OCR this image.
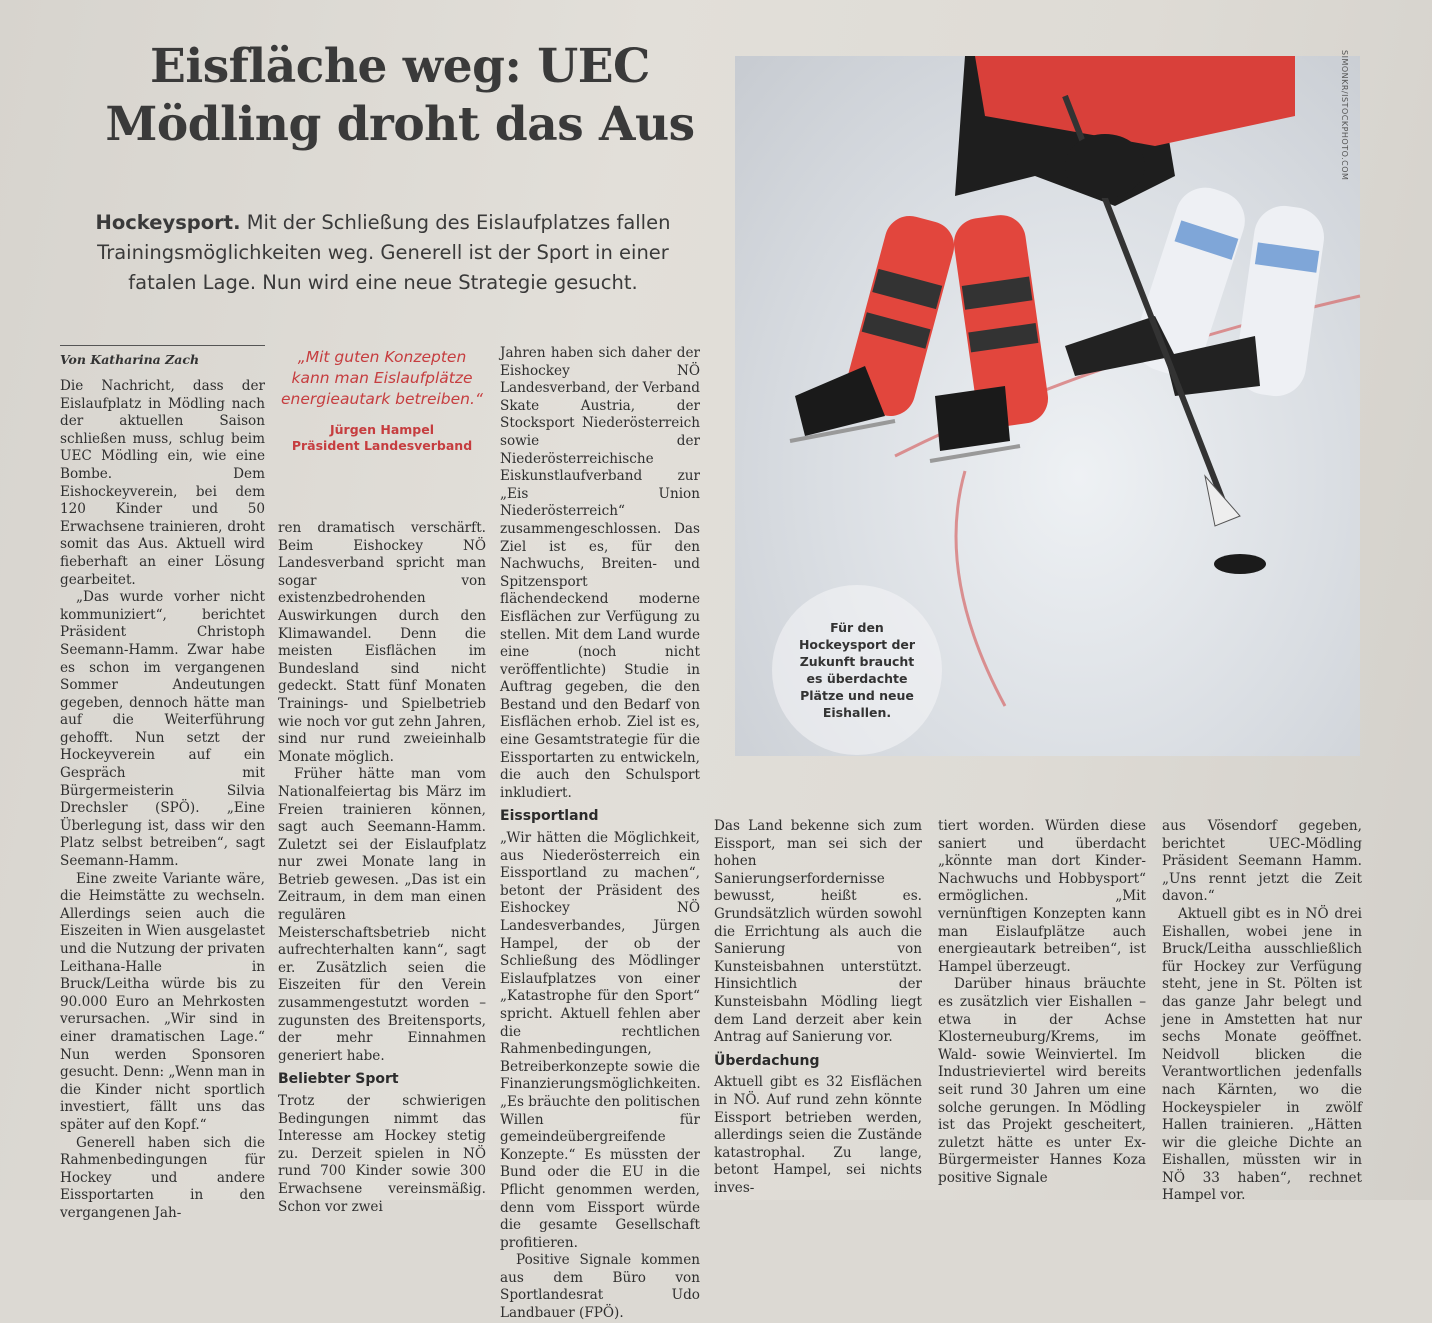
Eisfläche weg: UEC
Mödling droht das Aus
Hockeysport. Mit der Schließung des Eislaufplatzes fallen Trainingsmöglichkeiten weg. Generell ist der Sport in einer fatalen Lage. Nun wird eine neue Strategie gesucht.
SIMONKR/ISTOCKPHOTO.COM
Für den Hockeysport der Zukunft braucht es überdachte Plätze und neue Eishallen.
Von Katharina Zach	„Mit guten Konzepten kann man Eislaufplätze energieautark betreiben.“
Jürgen Hampel
Präsident Landesverband

Die Nachricht, dass der Eislaufplatz in Mödling nach der aktuellen Saison schließen muss, schlug beim UEC Mödling ein, wie eine Bombe. Dem Eishockeyverein, bei dem 120 Kinder und 50 Erwachsene trainieren, droht somit das Aus. Aktuell wird fieberhaft an einer Lösung gearbeitet.

„Das wurde vorher nicht kommuniziert“, berichtet Präsident Christoph Seemann-Hamm. Zwar habe es schon im vergangenen Sommer Andeutungen gegeben, dennoch hätte man auf die Weiterführung gehofft. Nun setzt der Hockeyverein auf ein Gespräch mit Bürgermeisterin Silvia Drechsler (SPÖ). „Eine Überlegung ist, dass wir den Platz selbst betreiben“, sagt Seemann-Hamm.

Eine zweite Variante wäre, die Heimstätte zu wechseln. Allerdings seien auch die Eiszeiten in Wien ausgelastet und die Nutzung der privaten Leithana-Halle in Bruck/Leitha würde bis zu 90.000 Euro an Mehrkosten verursachen. „Wir sind in einer dramatischen Lage.“ Nun werden Sponsoren gesucht. Denn: „Wenn man in die Kinder nicht sportlich investiert, fällt uns das später auf den Kopf.“

Generell haben sich die Rahmenbedingungen für Hockey und andere Eissportarten in den vergangenen Jah-

ren dramatisch verschärft. Beim Eishockey NÖ Landesverband spricht man sogar von existenzbedrohenden Auswirkungen durch den Klimawandel. Denn die meisten Eisflächen im Bundesland sind nicht gedeckt. Statt fünf Monaten Trainings- und Spielbetrieb wie noch vor gut zehn Jahren, sind nur rund zweieinhalb Monate möglich.

Früher hätte man vom Nationalfeiertag bis März im Freien trainieren können, sagt auch Seemann-Hamm. Zuletzt sei der Eislaufplatz nur zwei Monate lang in Betrieb gewesen. „Das ist ein Zeitraum, in dem man einen regulären Meisterschaftsbetrieb nicht aufrechterhalten kann“, sagt er. Zusätzlich seien die Eiszeiten für den Verein zusammengestutzt worden – zugunsten des Breitensports, der mehr Einnahmen generiert habe.

Beliebter Sport

Trotz der schwierigen Bedingungen nimmt das Interesse am Hockey stetig zu. Derzeit spielen in NÖ rund 700 Kinder sowie 300 Erwachsene vereinsmäßig. Schon vor zwei

Jahren haben sich daher der Eishockey NÖ Landesverband, der Verband Skate Austria, der Stocksport Niederösterreich sowie der Niederösterreichische Eiskunstlaufverband zur „Eis Union Niederösterreich“ zusammengeschlossen. Das Ziel ist es, für den Nachwuchs, Breiten- und Spitzensport flächendeckend moderne Eisflächen zur Verfügung zu stellen. Mit dem Land wurde eine (noch nicht veröffentlichte) Studie in Auftrag gegeben, die den Bestand und den Bedarf von Eisflächen erhob. Ziel ist es, eine Gesamtstrategie für die Eissportarten zu entwickeln, die auch den Schulsport inkludiert.

Eissportland

„Wir hätten die Möglichkeit, aus Niederösterreich ein Eissportland zu machen“, betont der Präsident des Eishockey NÖ Landesverbandes, Jürgen Hampel, der ob der Schließung des Mödlinger Eislaufplatzes von einer „Katastrophe für den Sport“ spricht. Aktuell fehlen aber die rechtlichen Rahmenbedingungen, Betreiberkonzepte sowie die Finanzierungsmöglichkeiten. „Es bräuchte den politischen Willen für gemeindeübergreifende Konzepte.“ Es müssten der Bund oder die EU in die Pflicht genommen werden, denn vom Eissport würde die gesamte Gesellschaft profitieren.

Positive Signale kommen aus dem Büro von Sportlandesrat Udo Landbauer (FPÖ).

Das Land bekenne sich zum Eissport, man sei sich der hohen Sanierungserfordernisse bewusst, heißt es. Grundsätzlich würden sowohl die Errichtung als auch die Sanierung von Kunsteisbahnen unterstützt. Hinsichtlich der Kunsteisbahn Mödling liegt dem Land derzeit aber kein Antrag auf Sanierung vor.

Überdachung

Aktuell gibt es 32 Eisflächen in NÖ. Auf rund zehn könnte Eissport betrieben werden, allerdings seien die Zustände katastrophal. Zu lange, betont Hampel, sei nichts inves-

tiert worden. Würden diese saniert und überdacht „könnte man dort Kinder-Nachwuchs und Hobbysport“ ermöglichen. „Mit vernünftigen Konzepten kann man Eislaufplätze auch energieautark betreiben“, ist Hampel überzeugt.

Darüber hinaus bräuchte es zusätzlich vier Eishallen – etwa in der Achse Klosterneuburg/Krems, im Wald- sowie Weinviertel. Im Industrieviertel wird bereits seit rund 30 Jahren um eine solche gerungen. In Mödling ist das Projekt gescheitert, zuletzt hätte es unter Ex-Bürgermeister Hannes Koza positive Signale

aus Vösendorf gegeben, berichtet UEC-Mödling Präsident Seemann Hamm. „Uns rennt jetzt die Zeit davon.“

Aktuell gibt es in NÖ drei Eishallen, wobei jene in Bruck/Leitha ausschließlich für Hockey zur Verfügung steht, jene in St. Pölten ist das ganze Jahr belegt und jene in Amstetten hat nur sechs Monate geöffnet. Neidvoll blicken die Verantwortlichen jedenfalls nach Kärnten, wo die Hockeyspieler in zwölf Hallen trainieren. „Hätten wir die gleiche Dichte an Eishallen, müssten wir in NÖ 33 haben“, rechnet Hampel vor.
